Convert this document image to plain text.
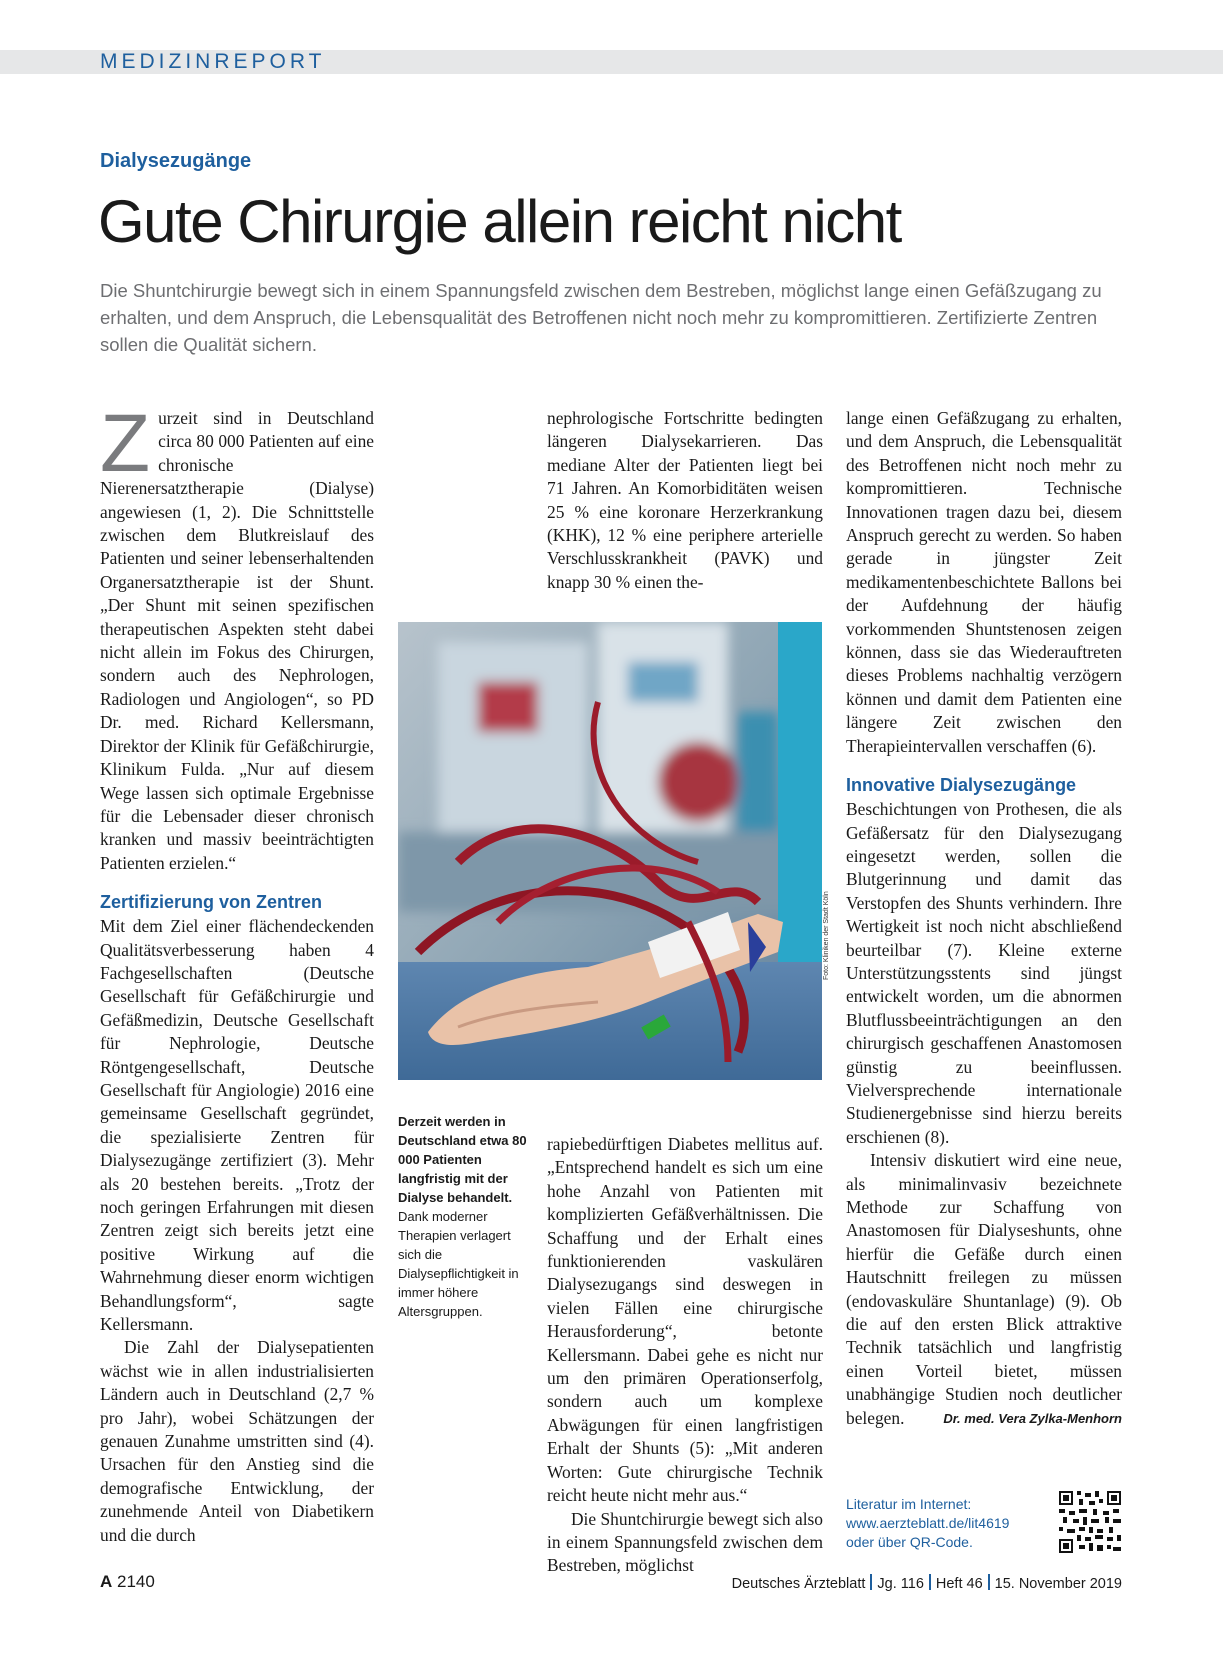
MEDIZINREPORT
Dialysezugänge
Gute Chirurgie allein reicht nicht

Die Shuntchirurgie bewegt sich in einem Spannungsfeld zwischen dem Bestreben, möglichst lange einen Gefäßzugang zu erhalten, und dem Anspruch, die Lebensqualität des Betroffenen nicht noch mehr zu kompromittieren. Zertifizierte Zentren sollen die Qualität sichern.

Z urzeit sind in Deutschland circa 80 000 Patienten auf eine chronische Nierenersatztherapie (Dialyse) angewiesen (1, 2). Die Schnittstelle zwischen dem Blutkreislauf des Patienten und seiner lebenserhaltenden Organersatztherapie ist der Shunt. „Der Shunt mit seinen spezifischen therapeutischen Aspekten steht dabei nicht allein im Fokus des Chirurgen, sondern auch des Nephrologen, Radiologen und Angiologen“, so PD Dr. med. Richard Kellersmann, Direktor der Klinik für Gefäßchirurgie, Klinikum Fulda. „Nur auf diesem Wege lassen sich optimale Ergebnisse für die Lebensader dieser chronisch kranken und massiv beeinträchtigten Patienten erzielen.“

Zertifizierung von Zentren

Mit dem Ziel einer flächendeckenden Qualitätsverbesserung haben 4 Fachgesellschaften (Deutsche Gesellschaft für Gefäßchirurgie und Gefäßmedizin, Deutsche Gesellschaft für Nephrologie, Deutsche Röntgengesellschaft, Deutsche Gesellschaft für Angiologie) 2016 eine gemeinsame Gesellschaft gegründet, die spezialisierte Zentren für Dialysezugänge zertifiziert (3). Mehr als 20 bestehen bereits. „Trotz der noch geringen Erfahrungen mit diesen Zentren zeigt sich bereits jetzt eine positive Wirkung auf die Wahrnehmung dieser enorm wichtigen Behandlungsform“, sagte Kellersmann.

Die Zahl der Dialysepatienten wächst wie in allen industrialisierten Ländern auch in Deutschland (2,7 % pro Jahr), wobei Schätzungen der genauen Zunahme umstritten sind (4). Ursachen für den Anstieg sind die demografische Entwicklung, der zunehmende Anteil von Diabetikern und die durch

nephrologische Fortschritte bedingten längeren Dialysekarrieren. Das mediane Alter der Patienten liegt bei 71 Jahren. An Komorbiditäten weisen 25 % eine koronare Herzerkrankung (KHK), 12 % eine periphere arterielle Verschlusskrankheit (PAVK) und knapp 30 % einen the-

Foto: Kliniken der Stadt Köln
Derzeit werden in Deutschland etwa 80 000 Patienten langfristig mit der Dialyse behandelt. Dank moderner Therapien verlagert sich die Dialysepflichtigkeit in immer höhere Altersgruppen.

rapiebedürftigen Diabetes mellitus auf. „Entsprechend handelt es sich um eine hohe Anzahl von Patienten mit komplizierten Gefäßverhältnissen. Die Schaffung und der Erhalt eines funktionierenden vaskulären Dialysezugangs sind deswegen in vielen Fällen eine chirurgische Herausforderung“, betonte Kellersmann. Dabei gehe es nicht nur um den primären Operationserfolg, sondern auch um komplexe Abwägungen für einen langfristigen Erhalt der Shunts (5): „Mit anderen Worten: Gute chirurgische Technik reicht heute nicht mehr aus.“

Die Shuntchirurgie bewegt sich also in einem Spannungsfeld zwischen dem Bestreben, möglichst

lange einen Gefäßzugang zu erhalten, und dem Anspruch, die Lebensqualität des Betroffenen nicht noch mehr zu kompromittieren. Technische Innovationen tragen dazu bei, diesem Anspruch gerecht zu werden. So haben gerade in jüngster Zeit medikamentenbeschichtete Ballons bei der Aufdehnung der häufig vorkommenden Shuntstenosen zeigen können, dass sie das Wiederauftreten dieses Problems nachhaltig verzögern können und damit dem Patienten eine längere Zeit zwischen den Therapieintervallen verschaffen (6).

Innovative Dialysezugänge

Beschichtungen von Prothesen, die als Gefäßersatz für den Dialysezugang eingesetzt werden, sollen die Blutgerinnung und damit das Verstopfen des Shunts verhindern. Ihre Wertigkeit ist noch nicht abschließend beurteilbar (7). Kleine externe Unterstützungsstents sind jüngst entwickelt worden, um die abnormen Blutflussbeeinträchtigungen an den chirurgisch geschaffenen Anastomosen günstig zu beeinflussen. Vielversprechende internationale Studienergebnisse sind hierzu bereits erschienen (8).

Intensiv diskutiert wird eine neue, als minimalinvasiv bezeichnete Methode zur Schaffung von Anastomosen für Dialyseshunts, ohne hierfür die Gefäße durch einen Hautschnitt freilegen zu müssen (endovaskuläre Shuntanlage) (9). Ob die auf den ersten Blick attraktive Technik tatsächlich und langfristig einen Vorteil bietet, müssen unabhängige Studien noch deutlicher belegen.	Dr. med. Vera Zylka-Menhorn

Literatur im Internet:
www.aerzteblatt.de/lit4619
oder über QR-Code.
A 2140	Deutsches Ärzteblatt Jg. 116 Heft 46 15. November 2019
